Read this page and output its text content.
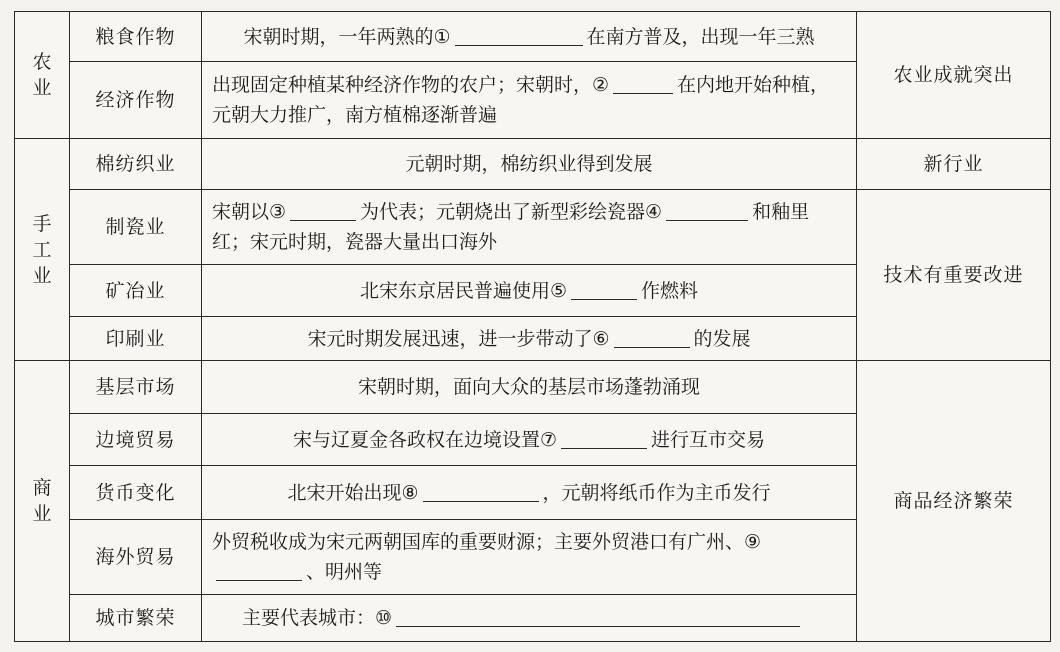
农
业	粮食作物	宋朝时期，一年两熟的① 在南方普及，出现一年三熟	农业成就突出
	经济作物	出现固定种植某种经济作物的农户；宋朝时，② 在内地开始种植，元朝大力推广，南方植棉逐渐普遍	

手
工
业	棉纺织业	元朝时期，棉纺织业得到发展	新行业
	制瓷业	宋朝以③ 为代表；元朝烧出了新型彩绘瓷器④ 和釉里红；宋元时期，瓷器大量出口海外	技术有重要改进
	矿冶业	北宋东京居民普遍使用⑤ 作燃料	
	印刷业	宋元时期发展迅速，进一步带动了⑥ 的发展	

商
业	基层市场	宋朝时期，面向大众的基层市场蓬勃涌现	商品经济繁荣
	边境贸易	宋与辽夏金各政权在边境设置⑦ 进行互市交易	
	货币变化	北宋开始出现⑧ ，元朝将纸币作为主币发行	
	海外贸易	外贸税收成为宋元两朝国库的重要财源；主要外贸港口有广州、⑨、明州等	
	城市繁荣	主要代表城市：⑩	
